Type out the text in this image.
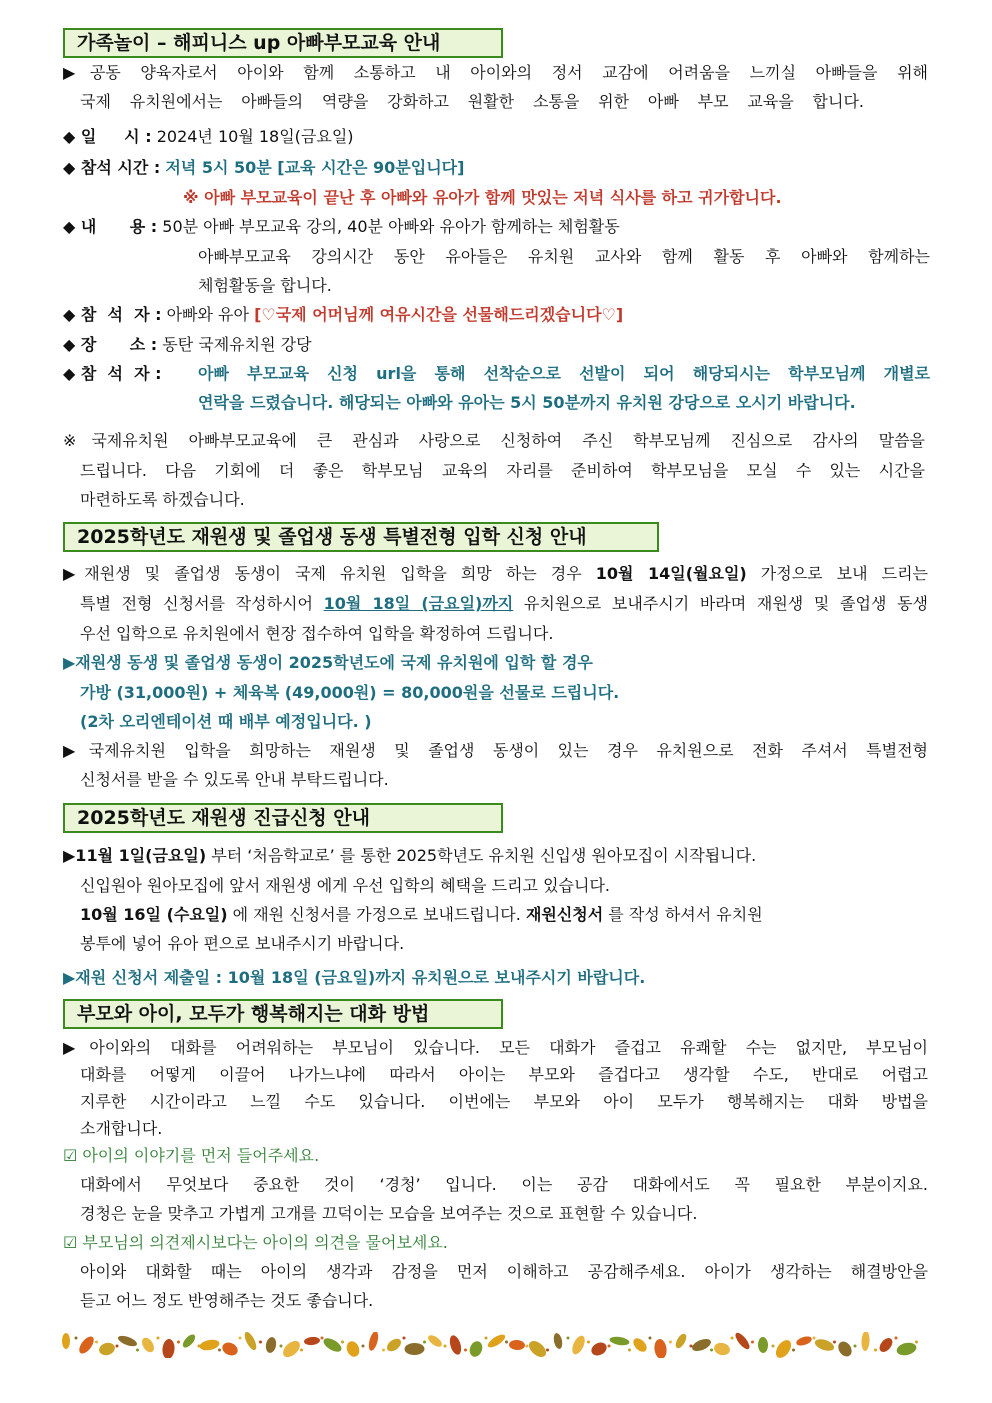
가족놀이 – 해피니스 up 아빠부모교육 안내
▶공동 양육자로서 아이와 함께 소통하고 내 아이와의 정서 교감에 어려움을 느끼실 아빠들을 위해
국제 유치원에서는 아빠들의 역량을 강화하고 원활한 소통을 위한 아빠 부모 교육을 합니다.
◆ 일     시 : 2024년 10월 18일(금요일)
◆ 참석 시간 : 저녁 5시 50분 [교육 시간은 90분입니다]
※ 아빠 부모교육이 끝난 후 아빠와 유아가 함께 맛있는 저녁 식사를 하고 귀가합니다.
◆ 내      용 : 50분 아빠 부모교육 강의, 40분 아빠와 유아가 함께하는 체험활동
아빠부모교육 강의시간 동안 유아들은 유치원 교사와 함께 활동 후 아빠와 함께하는
체험활동을 합니다.
◆ 참  석  자 : 아빠와 유아 [♡국제 어머님께 여유시간을 선물해드리겠습니다♡]
◆ 장      소 : 동탄 국제유치원 강당
◆ 참  석  자 : 아빠 부모교육 신청 url을 통해 선착순으로 선발이 되어 해당되시는 학부모님께 개별로
연락을 드렸습니다. 해당되는 아빠와 유아는 5시 50분까지 유치원 강당으로 오시기 바랍니다.
※국제유치원 아빠부모교육에 큰 관심과 사랑으로 신청하여 주신 학부모님께 진심으로 감사의 말씀을
드립니다. 다음 기회에 더 좋은 학부모님 교육의 자리를 준비하여 학부모님을 모실 수 있는 시간을
마련하도록 하겠습니다.
2025학년도 재원생 및 졸업생 동생 특별전형 입학 신청 안내
▶재원생 및 졸업생 동생이 국제 유치원 입학을 희망 하는 경우 10월 14일(월요일) 가정으로 보내 드리는
특별 전형 신청서를 작성하시어 10월 18일 (금요일)까지 유치원으로 보내주시기 바라며 재원생 및 졸업생 동생
우선 입학으로 유치원에서 현장 접수하여 입학을 확정하여 드립니다.
▶재원생 동생 및 졸업생 동생이 2025학년도에 국제 유치원에 입학 할 경우
가방 (31,000원) + 체육복 (49,000원) = 80,000원을 선물로 드립니다.
(2차 오리엔테이션 때 배부 예정입니다. )
▶국제유치원 입학을 희망하는 재원생 및 졸업생 동생이 있는 경우 유치원으로 전화 주셔서 특별전형
신청서를 받을 수 있도록 안내 부탁드립니다.
2025학년도 재원생 진급신청 안내
▶11월 1일(금요일) 부터 ‘처음학교로’ 를 통한 2025학년도 유치원 신입생 원아모집이 시작됩니다.
신입원아 원아모집에 앞서 재원생 에게 우선 입학의 혜택을 드리고 있습니다.
10월 16일 (수요일) 에 재원 신청서를 가정으로 보내드립니다. 재원신청서 를 작성 하셔서 유치원
봉투에 넣어 유아 편으로 보내주시기 바랍니다.
▶재원 신청서 제출일 : 10월 18일 (금요일)까지 유치원으로 보내주시기 바랍니다.
부모와 아이, 모두가 행복해지는 대화 방법
▶아이와의 대화를 어려워하는 부모님이 있습니다. 모든 대화가 즐겁고 유쾌할 수는 없지만, 부모님이
대화를 어떻게 이끌어 나가느냐에 따라서 아이는 부모와 즐겁다고 생각할 수도, 반대로 어렵고
지루한 시간이라고 느낄 수도 있습니다. 이번에는 부모와 아이 모두가 행복해지는 대화 방법을
소개합니다.
☑ 아이의 이야기를 먼저 들어주세요.
대화에서 무엇보다 중요한 것이 ‘경청’ 입니다. 이는 공감 대화에서도 꼭 필요한 부분이지요.
경청은 눈을 맞추고 가볍게 고개를 끄덕이는 모습을 보여주는 것으로 표현할 수 있습니다.
☑ 부모님의 의견제시보다는 아이의 의견을 물어보세요.
아이와 대화할 때는 아이의 생각과 감정을 먼저 이해하고 공감해주세요. 아이가 생각하는 해결방안을
듣고 어느 정도 반영해주는 것도 좋습니다.
